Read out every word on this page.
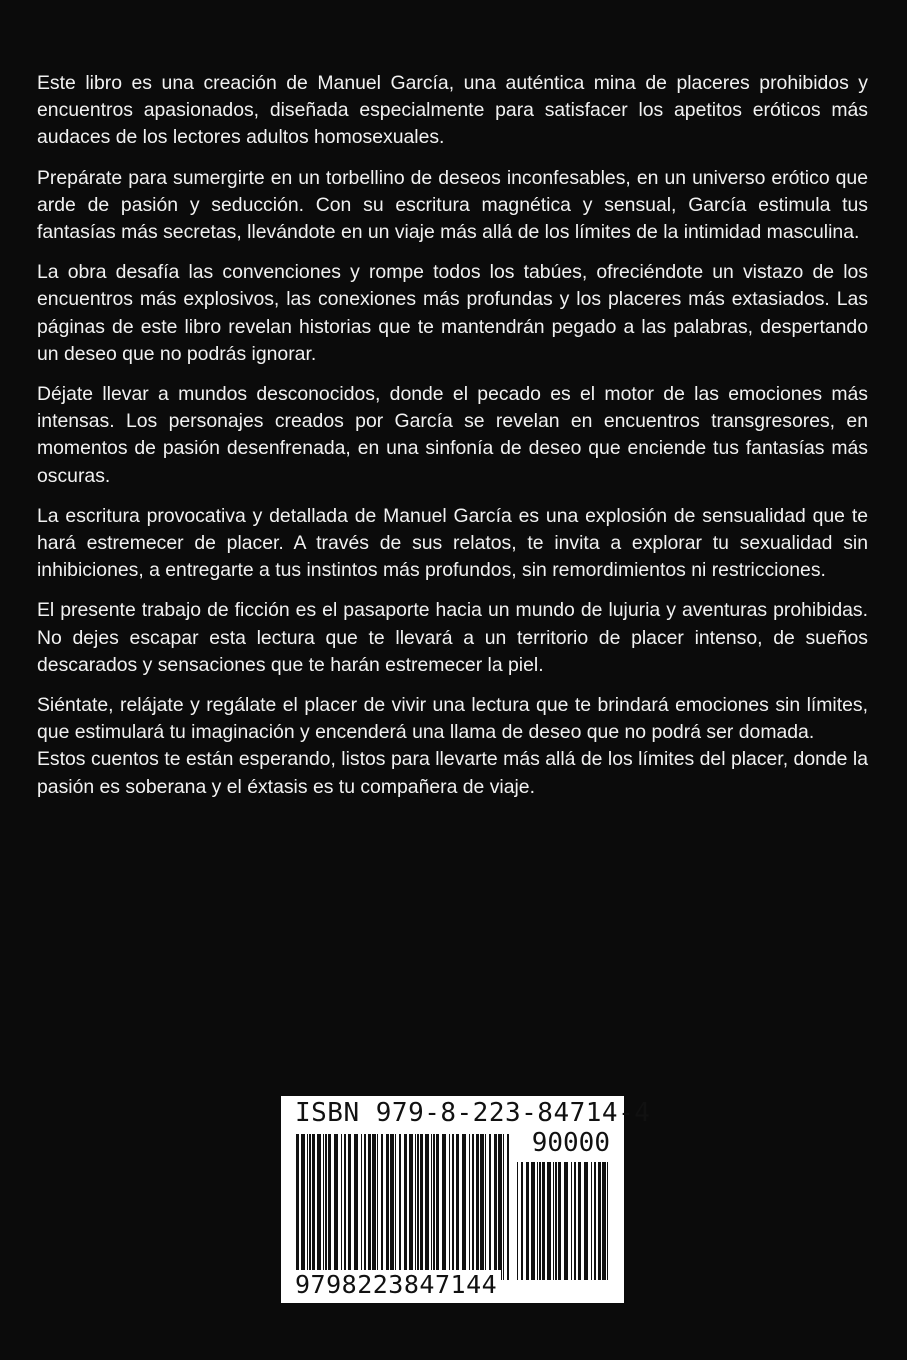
Este libro es una creación de Manuel García, una auténtica mina de placeres prohibidos y encuentros apasionados, diseñada especialmente para satisfacer los apetitos eróticos más audaces de los lectores adultos homosexuales.

Prepárate para sumergirte en un torbellino de deseos inconfesables, en un universo erótico que arde de pasión y seducción. Con su escritura magnética y sensual, García estimula tus fantasías más secretas, llevándote en un viaje más allá de los límites de la intimidad masculina.

La obra desafía las convenciones y rompe todos los tabúes, ofreciéndote un vistazo de los encuentros más explosivos, las conexiones más profundas y los placeres más extasiados. Las páginas de este libro revelan historias que te mantendrán pegado a las palabras, despertando un deseo que no podrás ignorar.

Déjate llevar a mundos desconocidos, donde el pecado es el motor de las emociones más intensas. Los personajes creados por García se revelan en encuentros transgresores, en momentos de pasión desenfrenada, en una sinfonía de deseo que enciende tus fantasías más oscuras.

La escritura provocativa y detallada de Manuel García es una explosión de sensualidad que te hará estremecer de placer. A través de sus relatos, te invita a explorar tu sexualidad sin inhibiciones, a entregarte a tus instintos más profundos, sin remordimientos ni restricciones.

El presente trabajo de ficción es el pasaporte hacia un mundo de lujuria y aventuras prohibidas. No dejes escapar esta lectura que te llevará a un territorio de placer intenso, de sueños descarados y sensaciones que te harán estremecer la piel.

Siéntate, relájate y regálate el placer de vivir una lectura que te brindará emociones sin límites, que estimulará tu imaginación y encenderá una llama de deseo que no podrá ser domada.

Estos cuentos te están esperando, listos para llevarte más allá de los límites del placer, donde la pasión es soberana y el éxtasis es tu compañera de viaje.

ISBN 979-8-223-84714-4
90000
9798223847144
